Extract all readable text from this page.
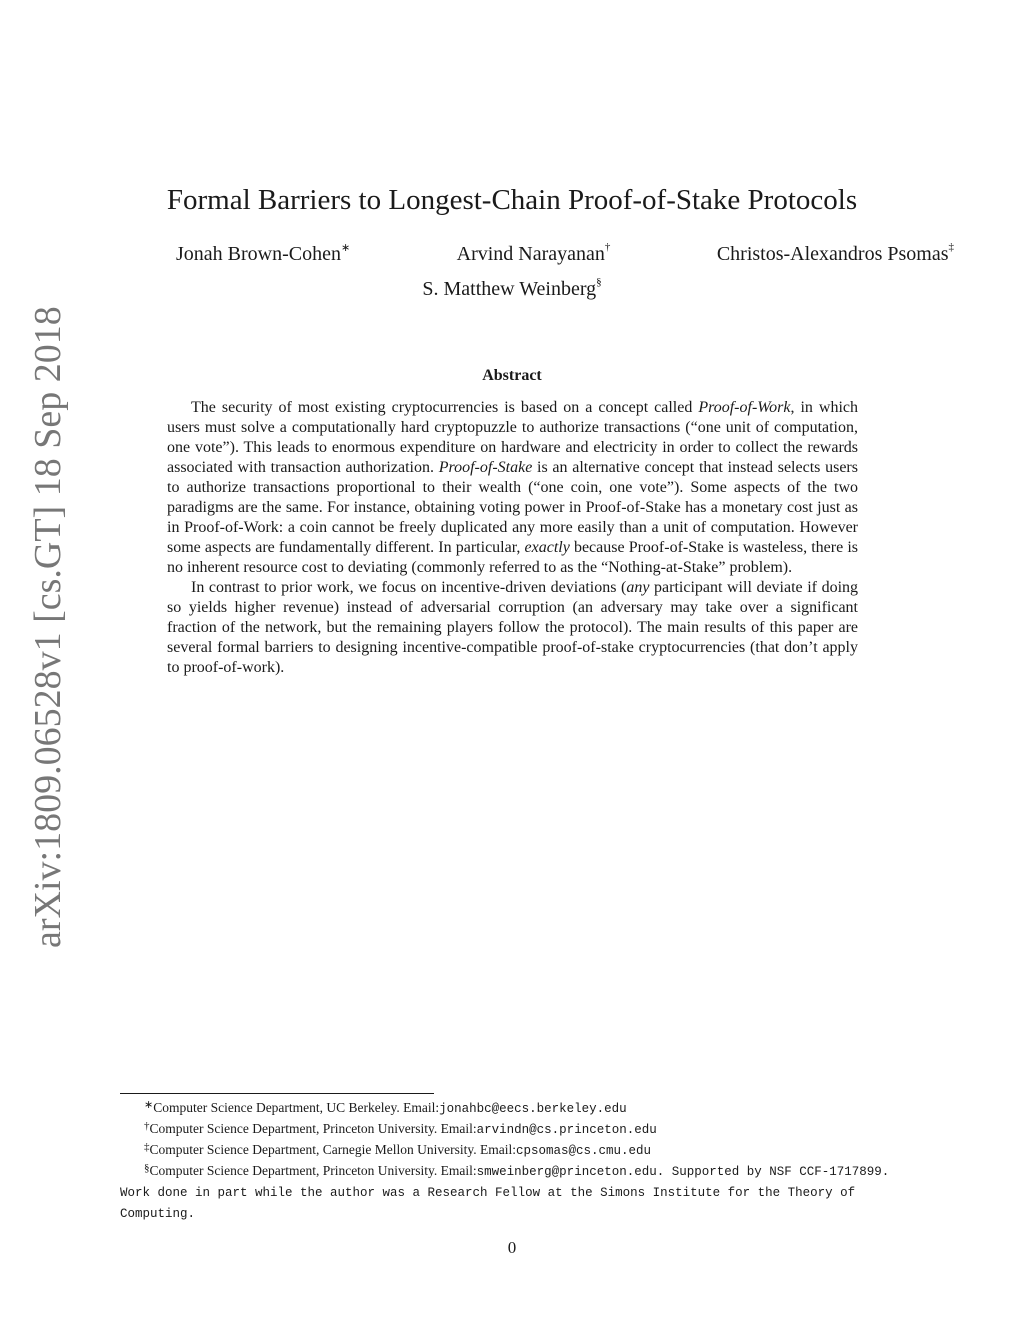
arXiv:1809.06528v1 [cs.GT] 18 Sep 2018
Formal Barriers to Longest-Chain Proof-of-Stake Protocols
Jonah Brown-Cohen∗	Arvind Narayanan†	Christos-Alexandros Psomas‡
S. Matthew Weinberg§
Abstract

The security of most existing cryptocurrencies is based on a concept called Proof-of-Work, in which users must solve a computationally hard cryptopuzzle to authorize transactions (“one unit of computation, one vote”). This leads to enormous expenditure on hardware and electricity in order to collect the rewards associated with transaction authorization. Proof-of-Stake is an alternative concept that instead selects users to authorize transactions proportional to their wealth (“one coin, one vote”). Some aspects of the two paradigms are the same. For instance, obtaining voting power in Proof-of-Stake has a monetary cost just as in Proof-of-Work: a coin cannot be freely duplicated any more easily than a unit of computation. However some aspects are fundamentally different. In particular, exactly because Proof-of-Stake is wasteless, there is no inherent resource cost to deviating (commonly referred to as the “Nothing-at-Stake” problem).

In contrast to prior work, we focus on incentive-driven deviations (any participant will deviate if doing so yields higher revenue) instead of adversarial corruption (an adversary may take over a significant fraction of the network, but the remaining players follow the protocol). The main results of this paper are several formal barriers to designing incentive-compatible proof-of-stake cryptocurrencies (that don’t apply to proof-of-work).

∗Computer Science Department, UC Berkeley. Email:jonahbc@eecs.berkeley.edu
†Computer Science Department, Princeton University. Email:arvindn@cs.princeton.edu
‡Computer Science Department, Carnegie Mellon University. Email:cpsomas@cs.cmu.edu
§Computer Science Department, Princeton University. Email:smweinberg@princeton.edu. Supported by NSF CCF-1717899. Work done in part while the author was a Research Fellow at the Simons Institute for the Theory of Computing.
0
